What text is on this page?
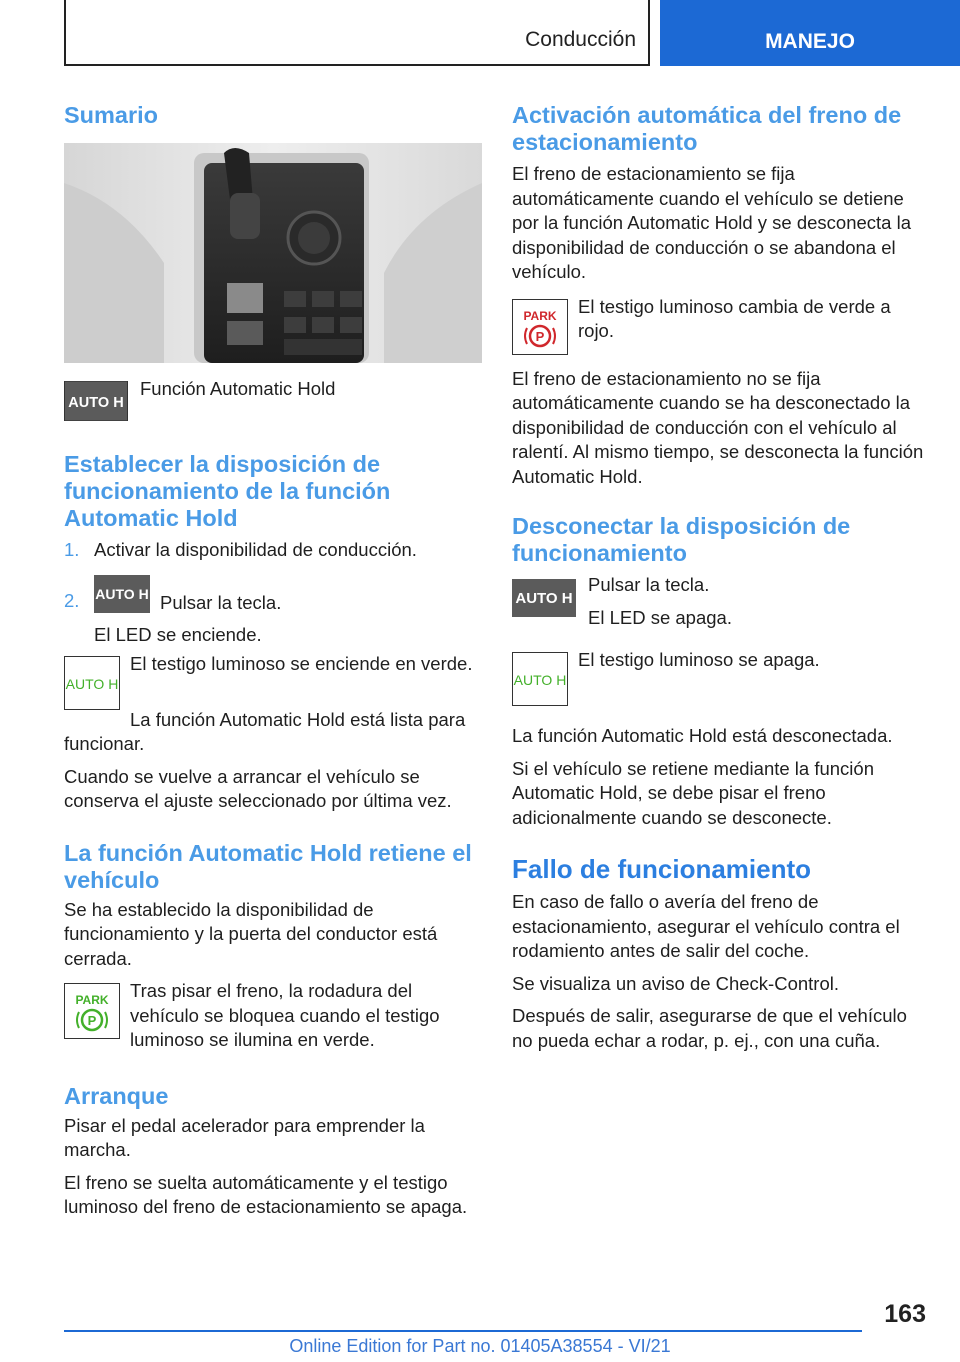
Conducción	MANEJO
Sumario
AUTO H

Función Automatic Hold

Establecer la disposición de funcionamiento de la función Automatic Hold
1. Activar la disponibilidad de conducción.
2.	AUTO H Pulsar la tecla.

El LED se enciende.

AUTO H

El testigo luminoso se enciende en verde.

La función Automatic Hold está lista para funcionar.

Cuando se vuelve a arrancar el vehículo se conserva el ajuste seleccionado por última vez.

La función Automatic Hold retiene el vehículo

Se ha establecido la disponibilidad de funcionamiento y la puerta del conductor está cerrada.

PARK
P

Tras pisar el freno, la rodadura del vehículo se bloquea cuando el testigo luminoso se ilumina en verde.

Arranque

Pisar el pedal acelerador para emprender la marcha.

El freno se suelta automáticamente y el testigo luminoso del freno de estacionamiento se apaga.

Activación automática del freno de estacionamiento

El freno de estacionamiento se fija automáticamente cuando el vehículo se detiene por la función Automatic Hold y se desconecta la disponibilidad de conducción o se abandona el vehículo.

PARK
P

El testigo luminoso cambia de verde a rojo.

El freno de estacionamiento no se fija automáticamente cuando se ha desconectado la disponibilidad de conducción con el vehículo al ralentí. Al mismo tiempo, se desconecta la función Automatic Hold.

Desconectar la disposición de funcionamiento
AUTO H

Pulsar la tecla.

El LED se apaga.

AUTO H

El testigo luminoso se apaga.

La función Automatic Hold está desconectada.

Si el vehículo se retiene mediante la función Automatic Hold, se debe pisar el freno adicionalmente cuando se desconecte.

Fallo de funcionamiento

En caso de fallo o avería del freno de estacionamiento, asegurar el vehículo contra el rodamiento antes de salir del coche.

Se visualiza un aviso de Check-Control.

Después de salir, asegurarse de que el vehículo no pueda echar a rodar, p. ej., con una cuña.

163
Online Edition for Part no. 01405A38554 - VI/21
